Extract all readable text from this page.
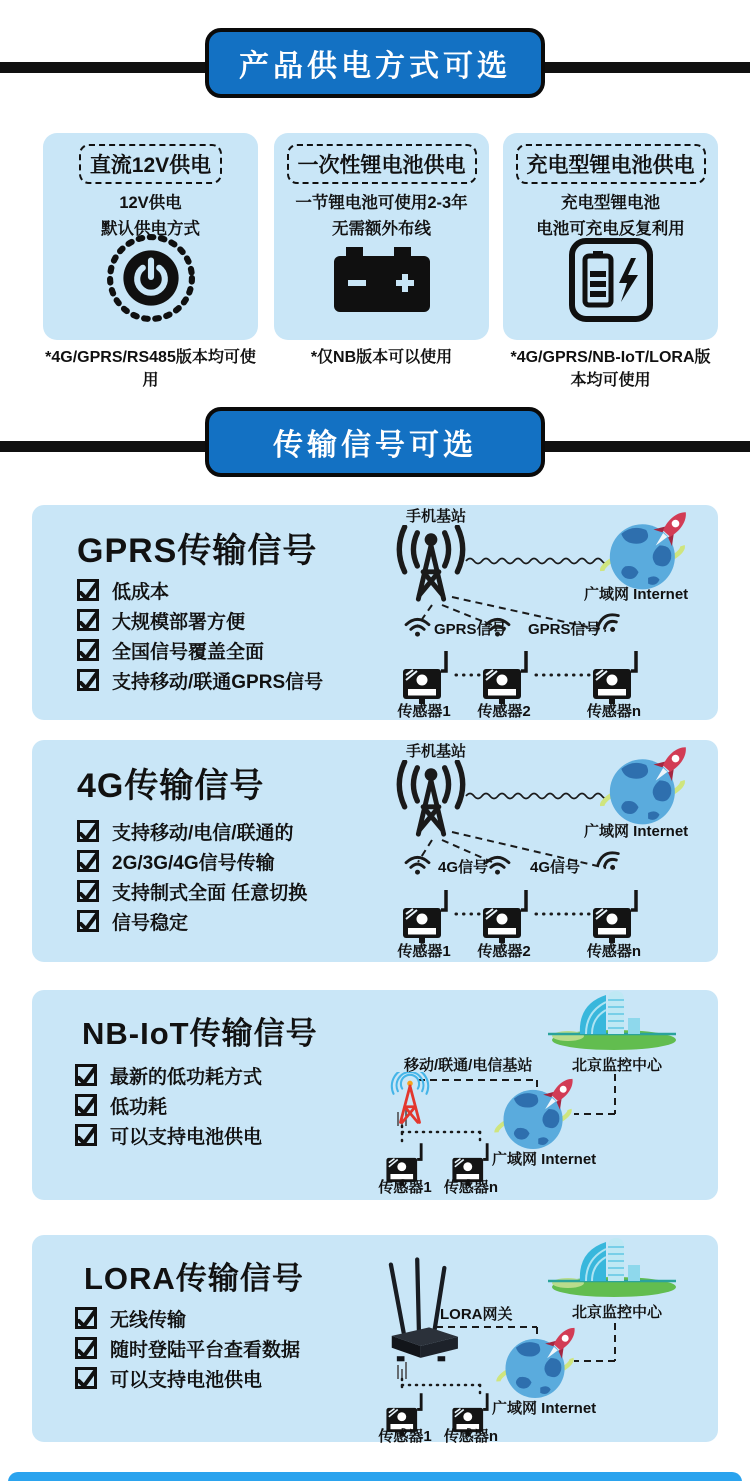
产品供电方式可选
直流12V供电
12V供电
默认供电方式
一次性锂电池供电
一节锂电池可使用2-3年
无需额外布线
充电型锂电池供电
充电型锂电池
电池可充电反复利用
*4G/GPRS/RS485版本均可使用
*仅NB版本可以使用	*4G/GPRS/NB-IoT/LORA版本均可使用
传输信号可选
GPRS传输信号
低成本
大规模部署方便
全国信号覆盖全面
支持移动/联通GPRS信号
手机基站
广域网 Internet
GPRS信号 GPRS信号
传感器1	传感器2	传感器n
4G传输信号
支持移动/电信/联通的
2G/3G/4G信号传输
支持制式全面 任意切换
信号稳定
手机基站
广域网 Internet
4G信号	4G信号
传感器1	传感器2	传感器n
NB-IoT传输信号
最新的低功耗方式
低功耗
可以支持电池供电
移动/联通/电信基站	北京监控中心
广域网 Internet
传感器1 传感器n
LORA传输信号
无线传输
随时登陆平台查看数据
可以支持电池供电
北京监控中心
LORA网关
广域网 Internet
传感器1 传感器n
